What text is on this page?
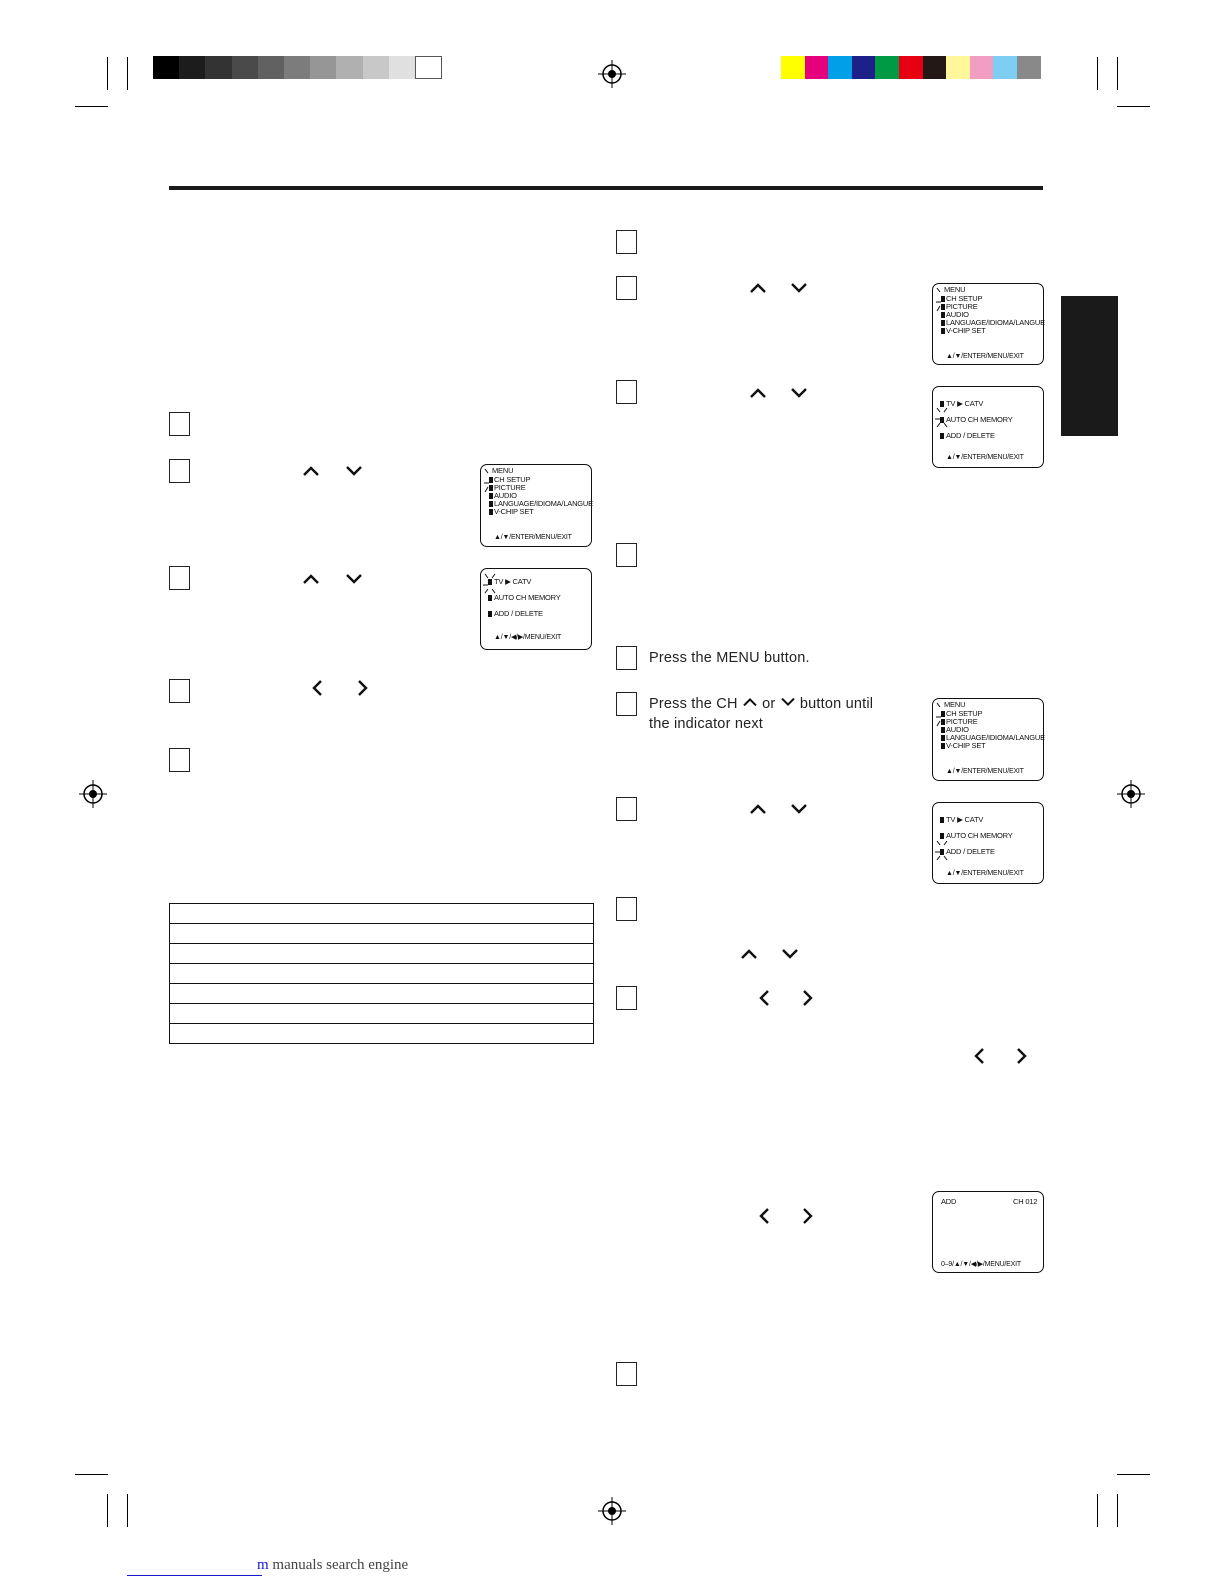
MENU
CH SETUP
PICTURE
AUDIO
LANGUAGE/IDIOMA/LANGUE
V-CHIP SET
▲/▼/ENTER/MENU/EXIT
TV ▶ CATV
AUTO CH MEMORY
ADD / DELETE
▲/▼/◀/▶/MENU/EXIT
MENU
CH SETUP
PICTURE
AUDIO
LANGUAGE/IDIOMA/LANGUE
V-CHIP SET
▲/▼/ENTER/MENU/EXIT
TV ▶ CATV
AUTO CH MEMORY
ADD / DELETE
▲/▼/ENTER/MENU/EXIT
Press the MENU button.
Press the CH or button until
the indicator next
MENU
CH SETUP
PICTURE
AUDIO
LANGUAGE/IDIOMA/LANGUE
V-CHIP SET
▲/▼/ENTER/MENU/EXIT
TV ▶ CATV
AUTO CH MEMORY
ADD / DELETE
▲/▼/ENTER/MENU/EXIT
ADD	CH 012
0–9/▲/▼/◀/▶/MENU/EXIT
m manuals search engine
